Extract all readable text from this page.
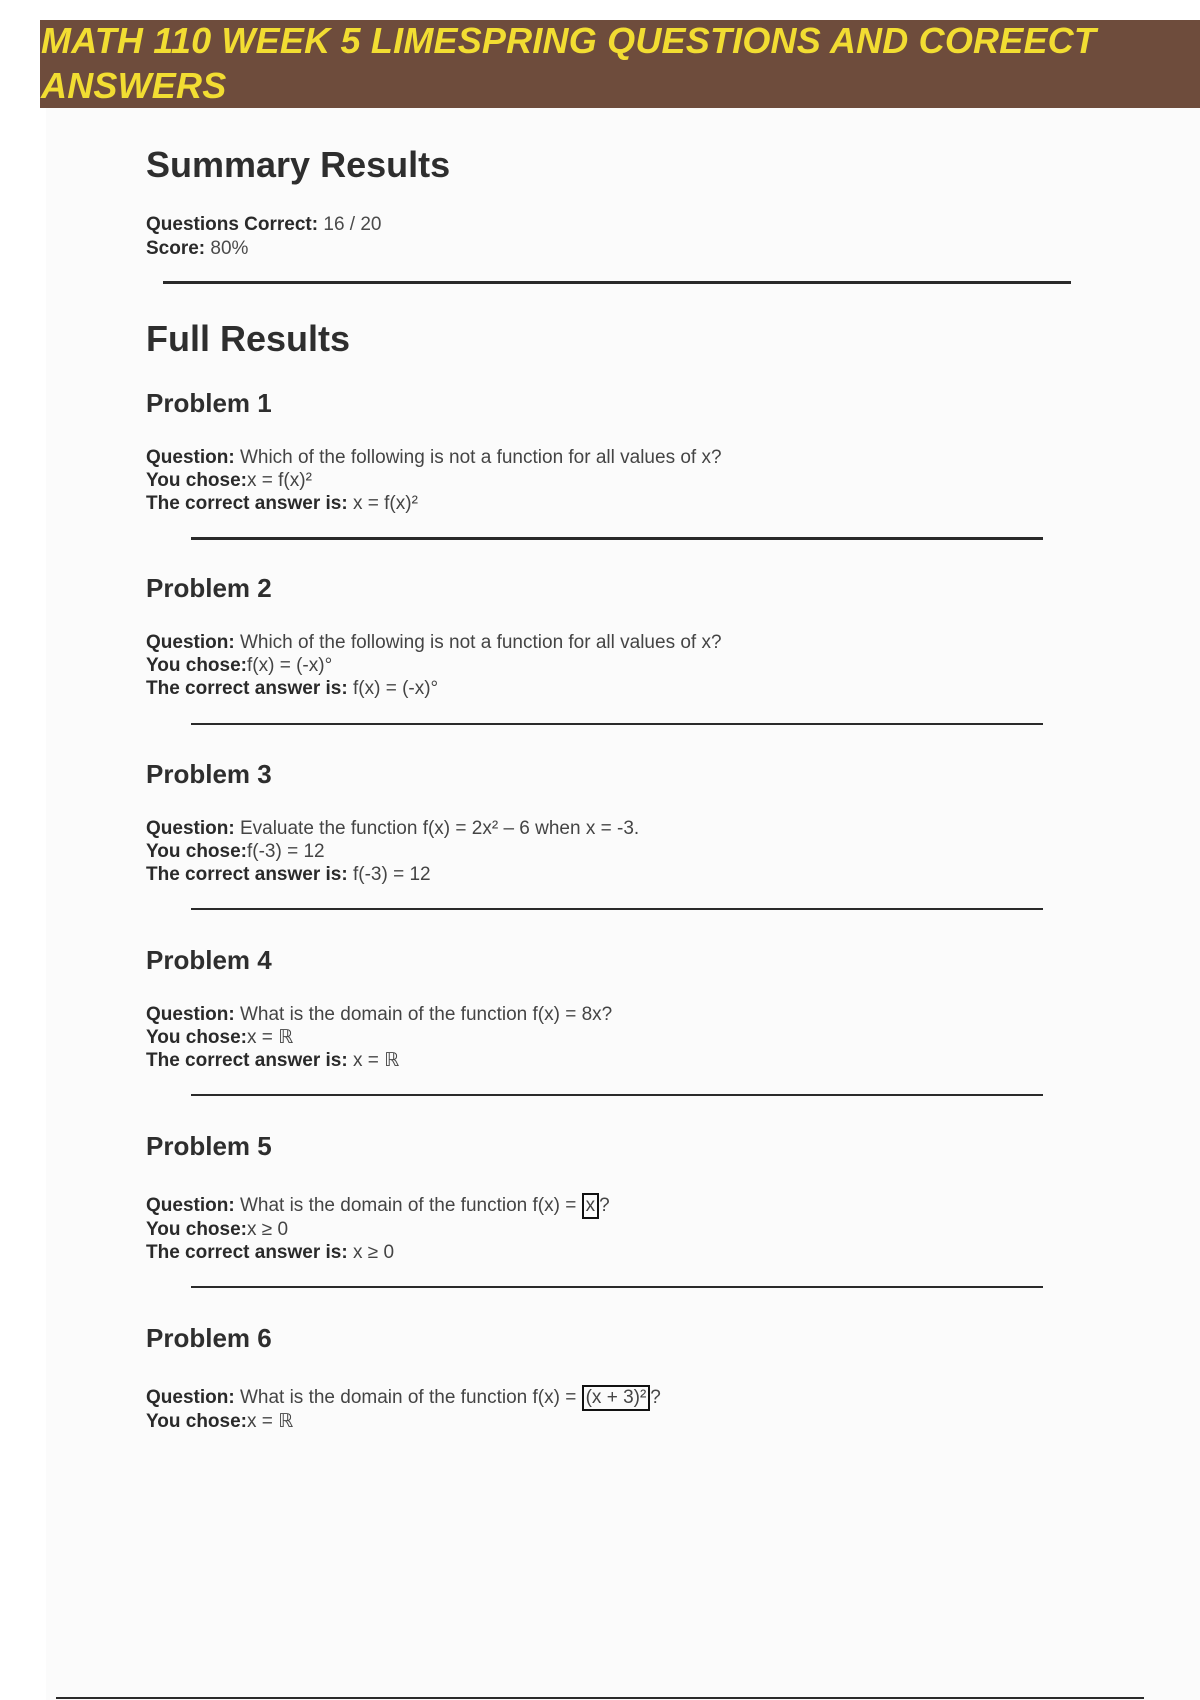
MATH 110 WEEK 5 LIMESPRING QUESTIONS AND COREECT ANSWERS
Summary Results
Questions Correct: 16 / 20
Score: 80%
Full Results
Problem 1
Question: Which of the following is not a function for all values of x?
You chose:x = f(x)²
The correct answer is: x = f(x)²
Problem 2
Question: Which of the following is not a function for all values of x?
You chose:f(x) = (-x)°
The correct answer is: f(x) = (-x)°
Problem 3
Question: Evaluate the function f(x) = 2x² – 6 when x = -3.
You chose:f(-3) = 12
The correct answer is: f(-3) = 12
Problem 4
Question: What is the domain of the function f(x) = 8x?
You chose:x = ℝ
The correct answer is: x = ℝ
Problem 5
Question: What is the domain of the function f(x) = x ?
You chose:x ≥ 0
The correct answer is: x ≥ 0
Problem 6
Question: What is the domain of the function f(x) = (x + 3)² ?
You chose:x = ℝ
